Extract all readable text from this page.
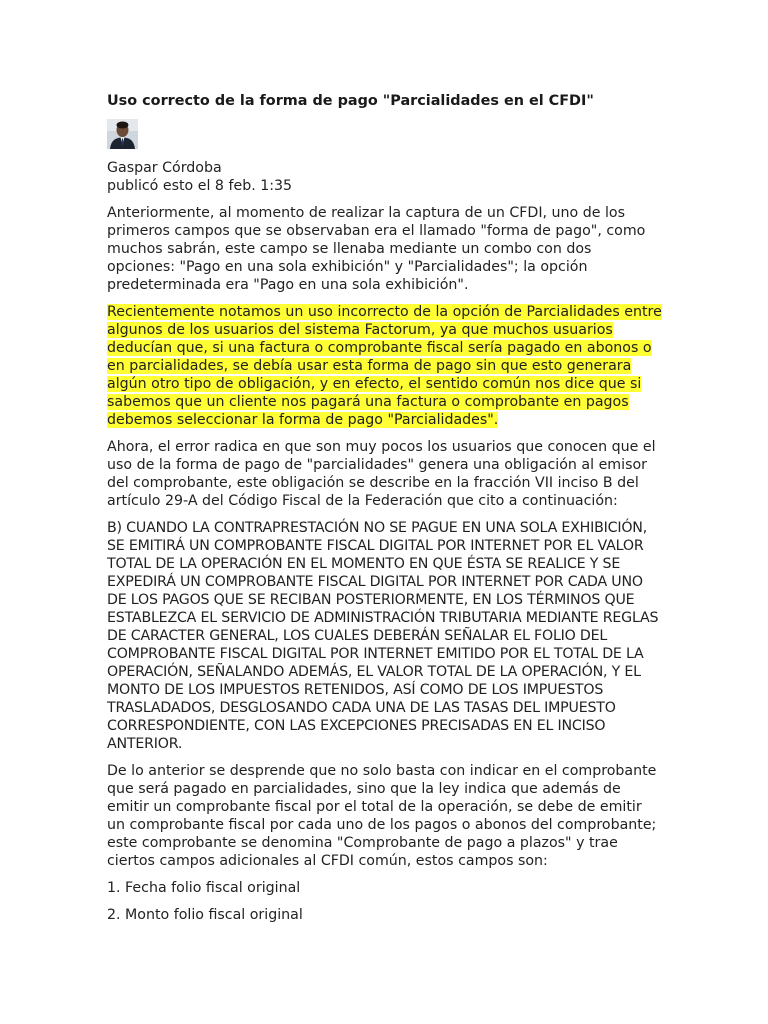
Uso correcto de la forma de pago "Parcialidades en el CFDI"
Gaspar Córdoba
publicó esto el 8 feb. 1:35

Anteriormente, al momento de realizar la captura de un CFDI, uno de los primeros campos que se observaban era el llamado "forma de pago", como muchos sabrán, este campo se llenaba mediante un combo con dos opciones: "Pago en una sola exhibición" y "Parcialidades"; la opción predeterminada era "Pago en una sola exhibición".

Recientemente notamos un uso incorrecto de la opción de Parcialidades entre algunos de los usuarios del sistema Factorum, ya que muchos usuarios deducían que, si una factura o comprobante fiscal sería pagado en abonos o en parcialidades, se debía usar esta forma de pago sin que esto generara algún otro tipo de obligación, y en efecto, el sentido común nos dice que si sabemos que un cliente nos pagará una factura o comprobante en pagos debemos seleccionar la forma de pago "Parcialidades".

Ahora, el error radica en que son muy pocos los usuarios que conocen que el uso de la forma de pago de "parcialidades" genera una obligación al emisor del comprobante, este obligación se describe en la fracción VII inciso B del artículo 29-A del Código Fiscal de la Federación que cito a continuación:

B) CUANDO LA CONTRAPRESTACIÓN NO SE PAGUE EN UNA SOLA EXHIBICIÓN, SE EMITIRÁ UN COMPROBANTE FISCAL DIGITAL POR INTERNET POR EL VALOR TOTAL DE LA OPERACIÓN EN EL MOMENTO EN QUE ÉSTA SE REALICE Y SE EXPEDIRÁ UN COMPROBANTE FISCAL DIGITAL POR INTERNET POR CADA UNO DE LOS PAGOS QUE SE RECIBAN POSTERIORMENTE, EN LOS TÉRMINOS QUE ESTABLEZCA EL SERVICIO DE ADMINISTRACIÓN TRIBUTARIA MEDIANTE REGLAS DE CARACTER GENERAL, LOS CUALES DEBERÁN SEÑALAR EL FOLIO DEL COMPROBANTE FISCAL DIGITAL POR INTERNET EMITIDO POR EL TOTAL DE LA OPERACIÓN, SEÑALANDO ADEMÁS, EL VALOR TOTAL DE LA OPERACIÓN, Y EL MONTO DE LOS IMPUESTOS RETENIDOS, ASÍ COMO DE LOS IMPUESTOS TRASLADADOS, DESGLOSANDO CADA UNA DE LAS TASAS DEL IMPUESTO CORRESPONDIENTE, CON LAS EXCEPCIONES PRECISADAS EN EL INCISO ANTERIOR.

De lo anterior se desprende que no solo basta con indicar en el comprobante que será pagado en parcialidades, sino que la ley indica que además de emitir un comprobante fiscal por el total de la operación, se debe de emitir un comprobante fiscal por cada uno de los pagos o abonos del comprobante; este comprobante se denomina "Comprobante de pago a plazos" y trae ciertos campos adicionales al CFDI común, estos campos son:

1. Fecha folio fiscal original

2. Monto folio fiscal original
